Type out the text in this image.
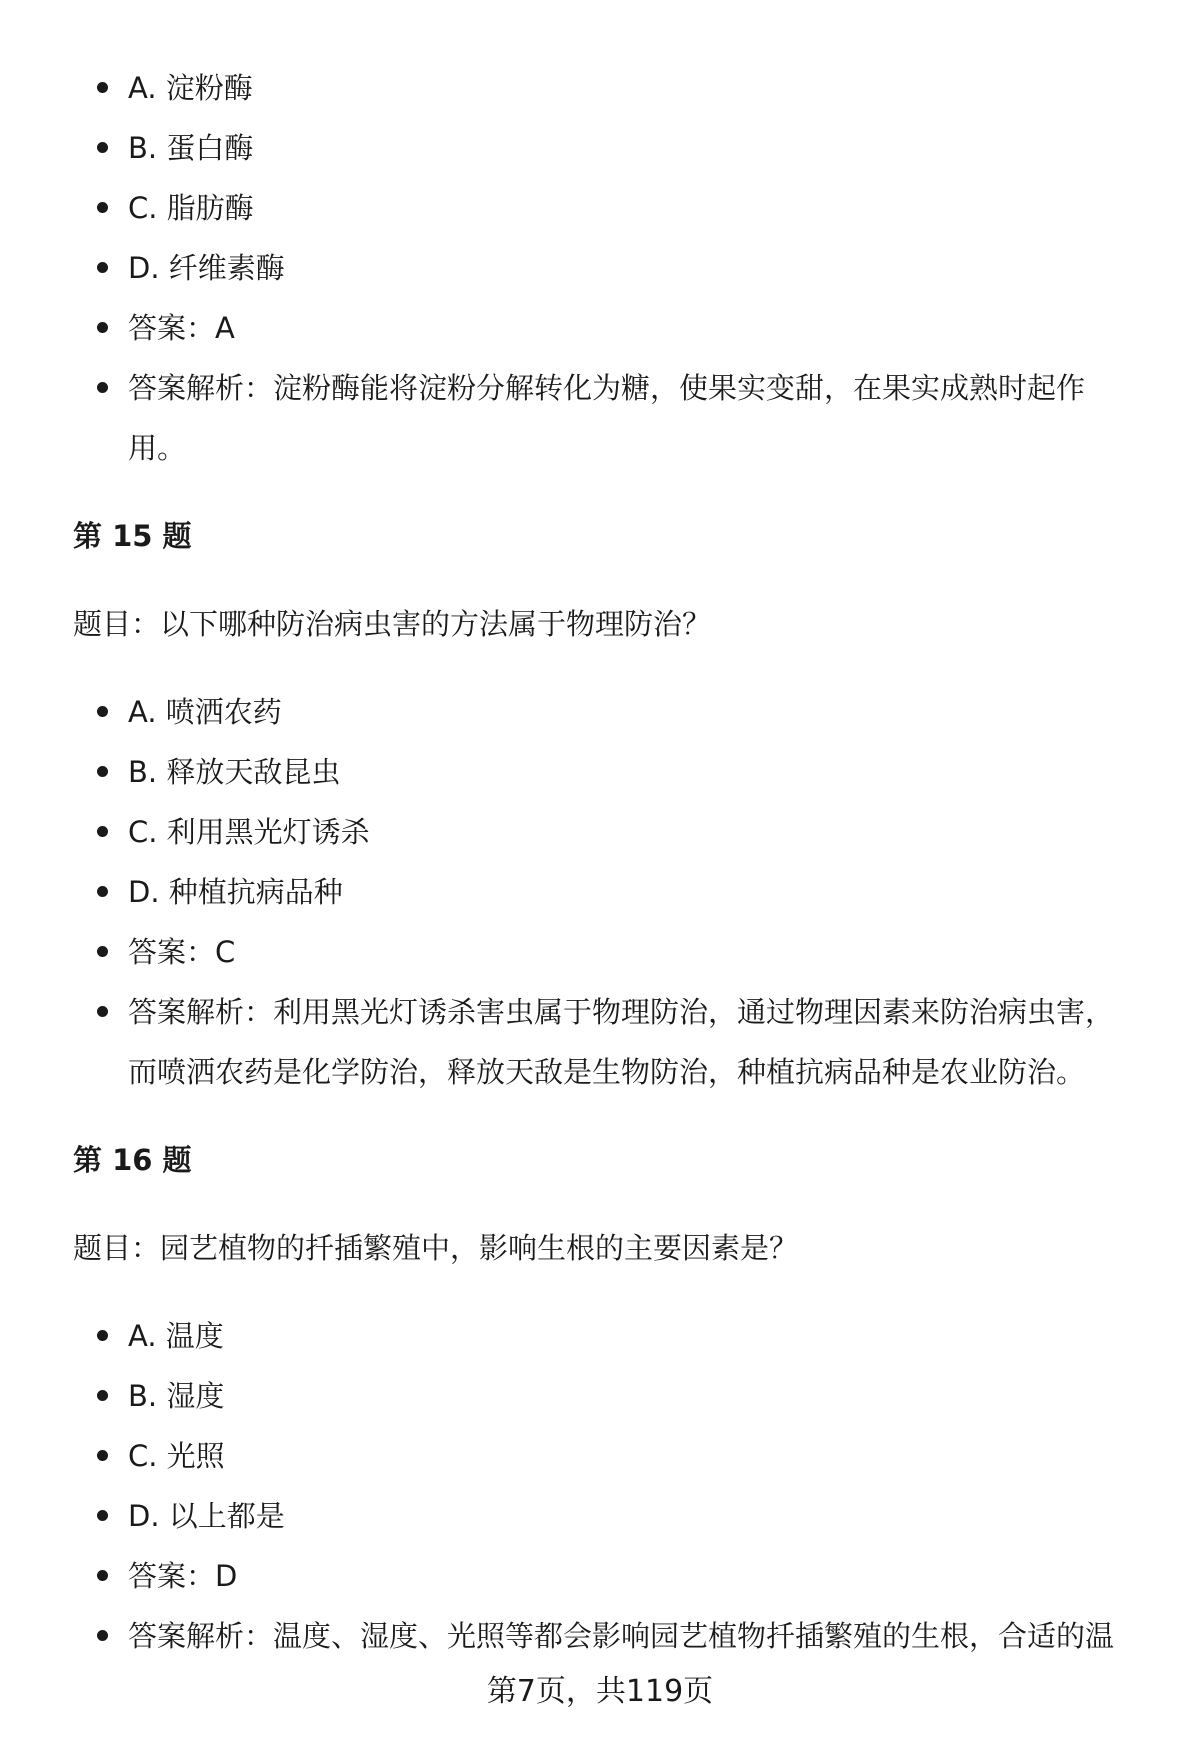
A. 淀粉酶
B. 蛋白酶
C. 脂肪酶
D. 纤维素酶
答案：A
答案解析：淀粉酶能将淀粉分解转化为糖，使果实变甜，在果实成熟时起作用。
第 15 题
题目：以下哪种防治病虫害的方法属于物理防治？
A. 喷洒农药
B. 释放天敌昆虫
C. 利用黑光灯诱杀
D. 种植抗病品种
答案：C
答案解析：利用黑光灯诱杀害虫属于物理防治，通过物理因素来防治病虫害，而喷洒农药是化学防治，释放天敌是生物防治，种植抗病品种是农业防治。
第 16 题
题目：园艺植物的扦插繁殖中，影响生根的主要因素是？
A. 温度
B. 湿度
C. 光照
D. 以上都是
答案：D
答案解析：温度、湿度、光照等都会影响园艺植物扦插繁殖的生根，合适的温
第7页，共119页
